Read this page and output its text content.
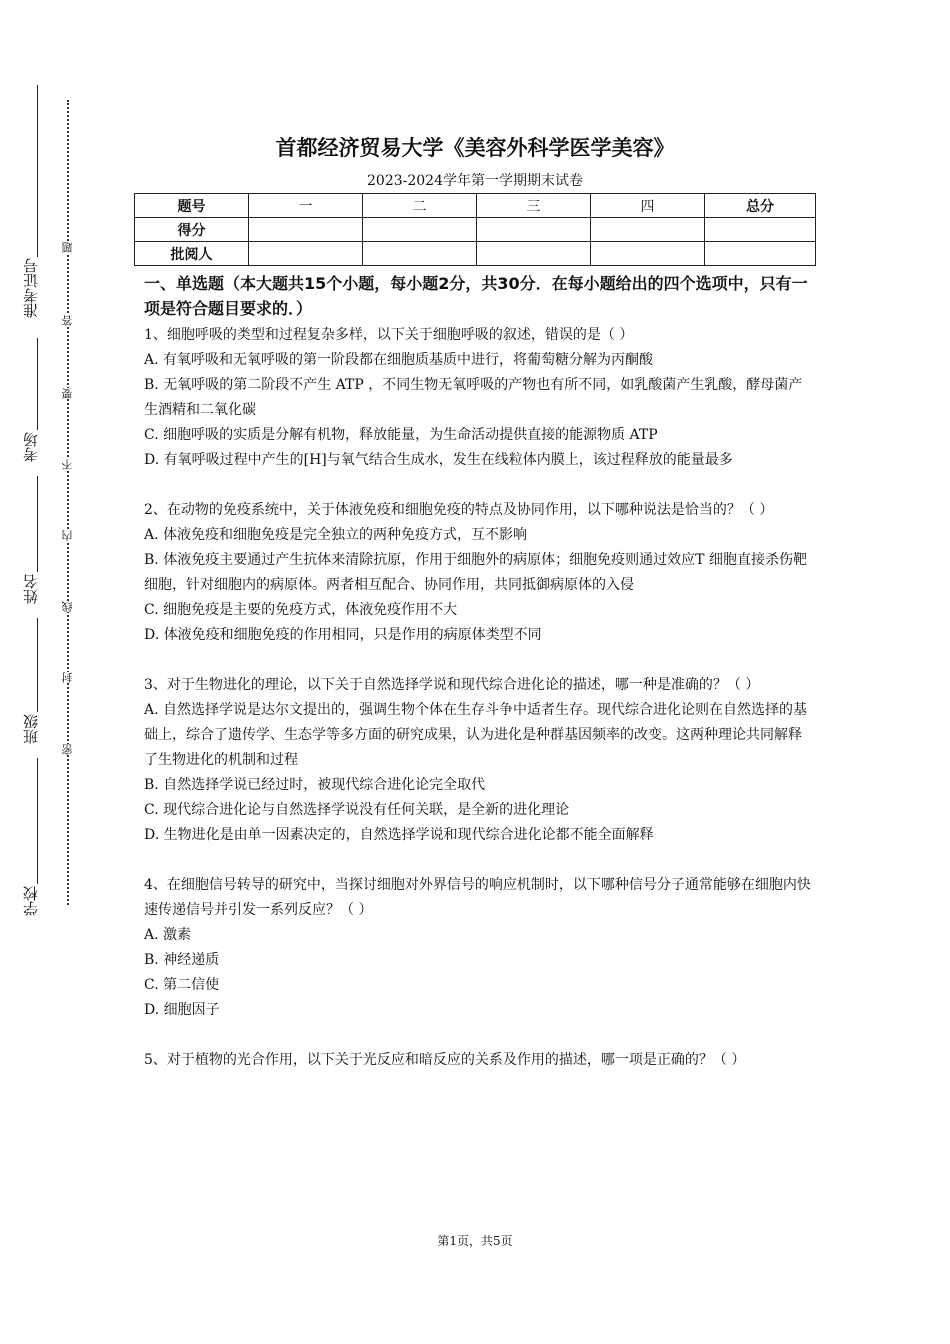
准考证号
考场
姓名
班级
学校
题
答
要
不
内
线
封
密
首都经济贸易大学《美容外科学医学美容》
2023-2024学年第一学期期末试卷
题号	一	二	三	四	总分
得分					
批阅人					
一、单选题（本大题共15个小题，每小题2分，共30分．在每小题给出的四个选项中，只有一项是符合题目要求的．）

1、细胞呼吸的类型和过程复杂多样，以下关于细胞呼吸的叙述，错误的是（ ）

A. 有氧呼吸和无氧呼吸的第一阶段都在细胞质基质中进行，将葡萄糖分解为丙酮酸

B. 无氧呼吸的第二阶段不产生 ATP ，不同生物无氧呼吸的产物也有所不同，如乳酸菌产生乳酸，酵母菌产生酒精和二氧化碳

C. 细胞呼吸的实质是分解有机物，释放能量，为生命活动提供直接的能源物质 ATP

D. 有氧呼吸过程中产生的[H]与氧气结合生成水，发生在线粒体内膜上，该过程释放的能量最多

2、在动物的免疫系统中，关于体液免疫和细胞免疫的特点及协同作用，以下哪种说法是恰当的？（ ）

A. 体液免疫和细胞免疫是完全独立的两种免疫方式，互不影响

B. 体液免疫主要通过产生抗体来清除抗原，作用于细胞外的病原体；细胞免疫则通过效应T 细胞直接杀伤靶细胞，针对细胞内的病原体。两者相互配合、协同作用，共同抵御病原体的入侵

C. 细胞免疫是主要的免疫方式，体液免疫作用不大

D. 体液免疫和细胞免疫的作用相同，只是作用的病原体类型不同

3、对于生物进化的理论，以下关于自然选择学说和现代综合进化论的描述，哪一种是准确的？（ ）

A. 自然选择学说是达尔文提出的，强调生物个体在生存斗争中适者生存。现代综合进化论则在自然选择的基础上，综合了遗传学、生态学等多方面的研究成果，认为进化是种群基因频率的改变。这两种理论共同解释了生物进化的机制和过程

B. 自然选择学说已经过时，被现代综合进化论完全取代

C. 现代综合进化论与自然选择学说没有任何关联，是全新的进化理论

D. 生物进化是由单一因素决定的，自然选择学说和现代综合进化论都不能全面解释

4、在细胞信号转导的研究中，当探讨细胞对外界信号的响应机制时，以下哪种信号分子通常能够在细胞内快速传递信号并引发一系列反应？（ ）

A. 激素

B. 神经递质

C. 第二信使

D. 细胞因子

5、对于植物的光合作用，以下关于光反应和暗反应的关系及作用的描述，哪一项是正确的？（ ）

第1页，共5页
